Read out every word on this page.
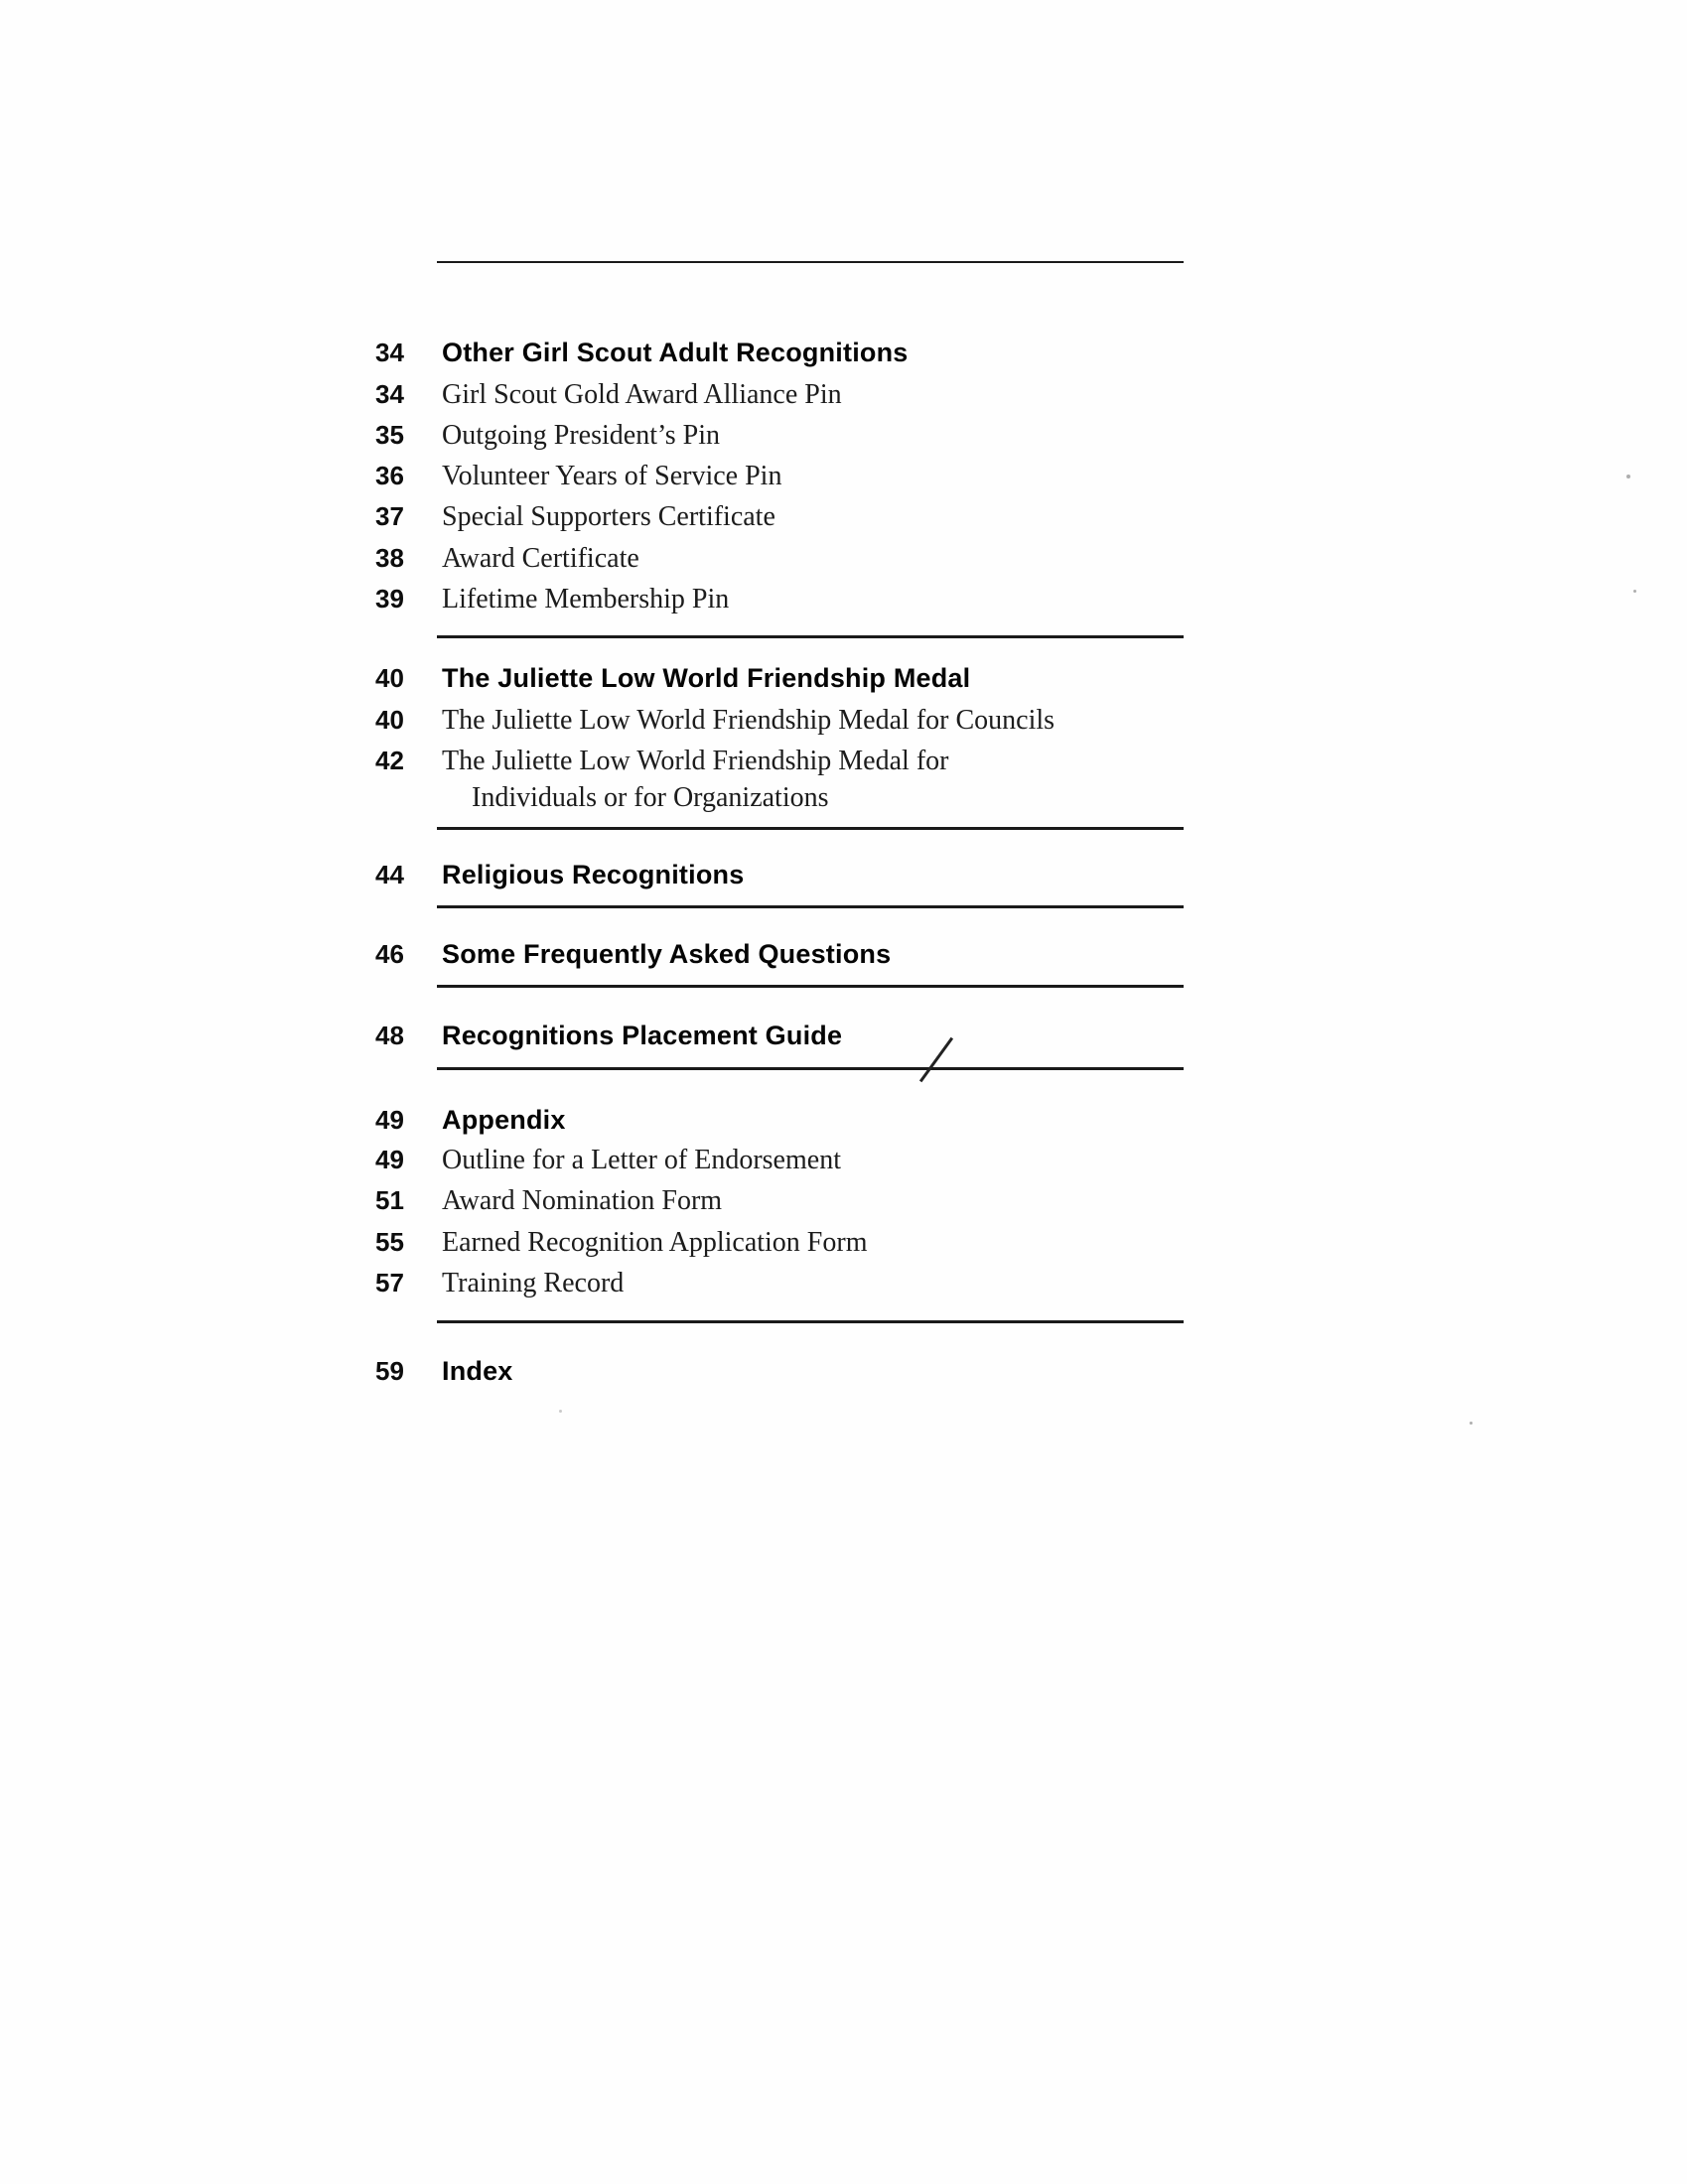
34	Other Girl Scout Adult Recognitions
34	Girl Scout Gold Award Alliance Pin
35	Outgoing President’s Pin
36	Volunteer Years of Service Pin
37	Special Supporters Certificate
38	Award Certificate
39	Lifetime Membership Pin
40	The Juliette Low World Friendship Medal
40	The Juliette Low World Friendship Medal for Councils
42	The Juliette Low World Friendship Medal for
Individuals or for Organizations
44	Religious Recognitions
46	Some Frequently Asked Questions
48	Recognitions Placement Guide
49	Appendix
49	Outline for a Letter of Endorsement
51	Award Nomination Form
55	Earned Recognition Application Form
57	Training Record
59	Index
